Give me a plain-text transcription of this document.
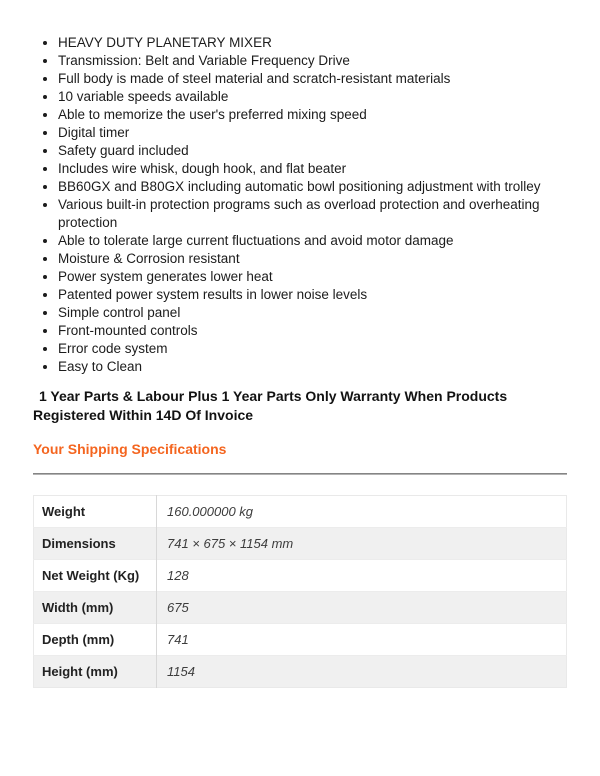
• HEAVY DUTY PLANETARY MIXER
• Transmission: Belt and Variable Frequency Drive
• Full body is made of steel material and scratch-resistant materials
• 10 variable speeds available
• Able to memorize the user's preferred mixing speed
• Digital timer
• Safety guard included
• Includes wire whisk, dough hook, and flat beater
• BB60GX and B80GX including automatic bowl positioning adjustment with trolley
• Various built-in protection programs such as overload protection and overheating protection
• Able to tolerate large current fluctuations and avoid motor damage
• Moisture & Corrosion resistant
• Power system generates lower heat
• Patented power system results in lower noise levels
• Simple control panel
• Front-mounted controls
• Error code system
• Easy to Clean

1 Year Parts & Labour Plus 1 Year Parts Only Warranty When Products Registered Within 14D Of Invoice

Your Shipping Specifications
Weight	160.000000 kg
Dimensions	741 × 675 × 1154 mm
Net Weight (Kg)	128
Width (mm)	675
Depth (mm)	741
Height (mm)	1154
